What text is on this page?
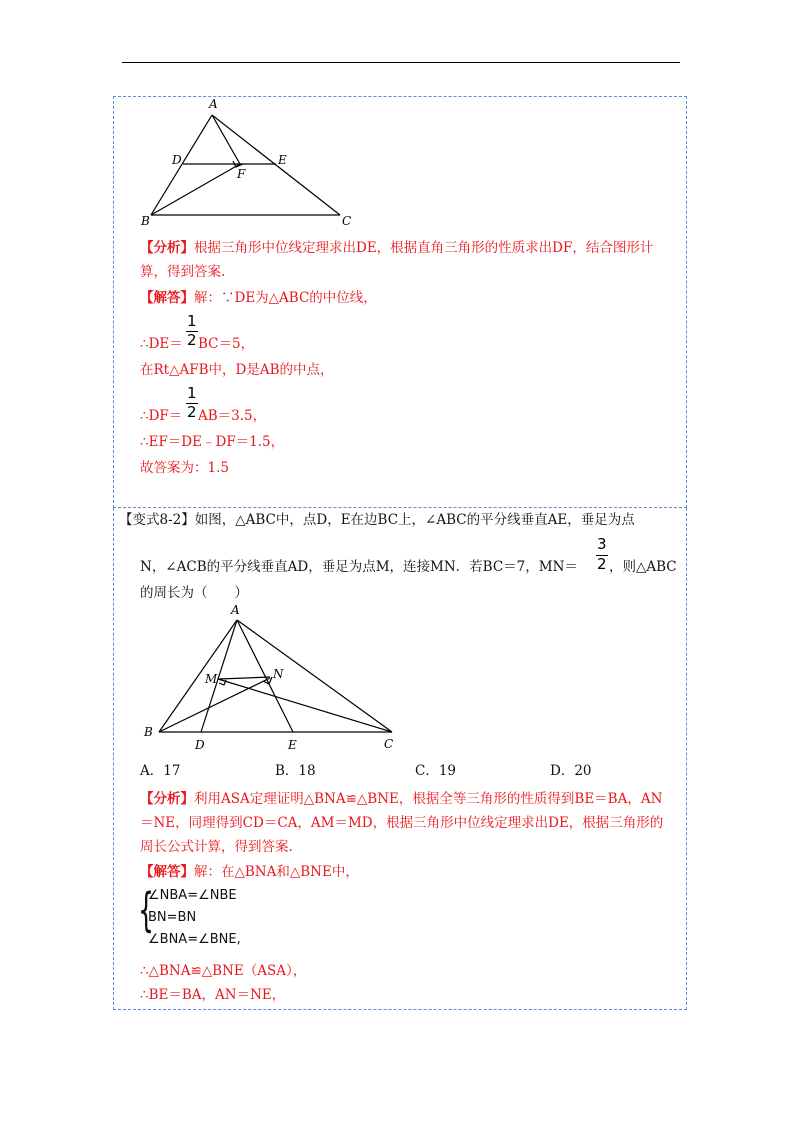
A
B	C
D	E
F
【分析】根据三角形中位线定理求出DE，根据直角三角形的性质求出DF，结合图形计
算，得到答案.
【解答】解：∵DE为△ABC的中位线，
1
2
∴DE＝ BC＝5，
在Rt△AFB中，D是AB的中点，
1
2
∴DF＝ AB＝3.5，
∴EF＝DE﹣DF＝1.5，
故答案为：1.5
【变式8-2】如图，△ABC中，点D，E在边BC上，∠ABC的平分线垂直AE，垂足为点
N，∠ACB的平分线垂直AD，垂足为点M，连接MN．若BC＝7，MN＝
3
2 ，则△ABC
的周长为（　　）
A
B
C
D	E
M	N
A．17	B．18	C．19	D．20
【分析】利用ASA定理证明△BNA≌△BNE，根据全等三角形的性质得到BE＝BA，AN
＝NE，同理得到CD＝CA，AM＝MD，根据三角形中位线定理求出DE，根据三角形的
周长公式计算，得到答案.
【解答】解：在△BNA和△BNE中，
{
∠NBA=∠NBE
BN=BN
∠BNA=∠BNE,
∴△BNA≌△BNE（ASA），
∴BE＝BA，AN＝NE，
